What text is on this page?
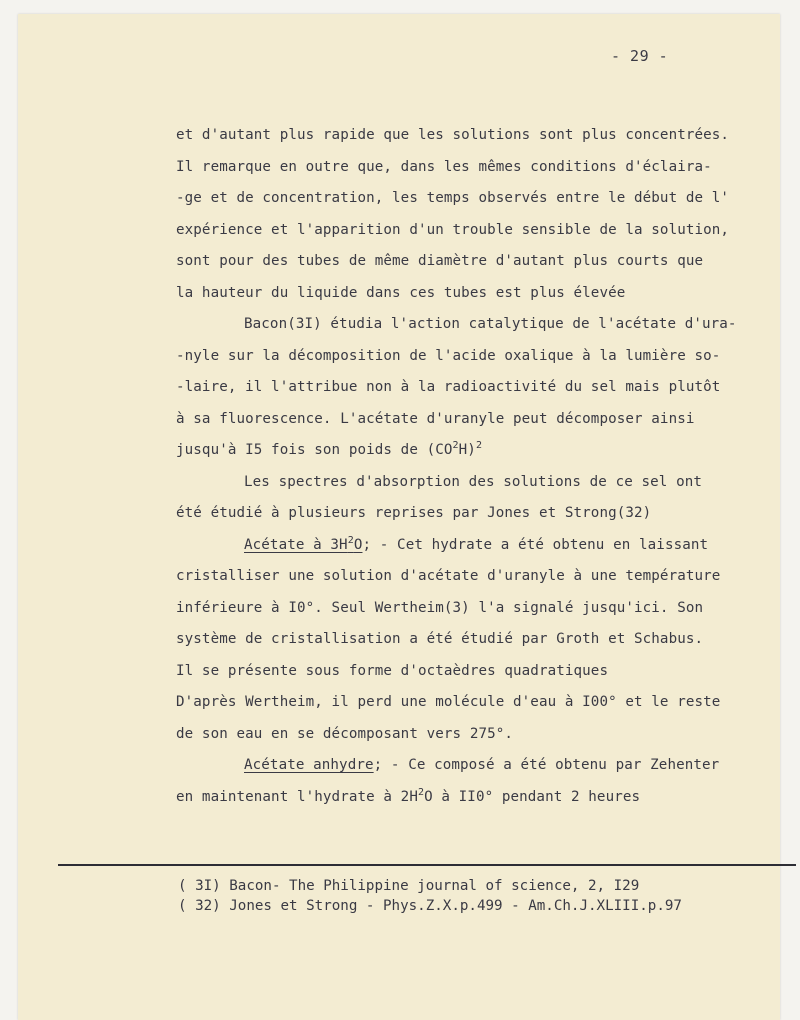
- 29 -
et d'autant plus rapide que les solutions sont plus concentrées.
Il remarque en outre que, dans les mêmes conditions d'éclaira-
-ge et de concentration, les temps observés entre le début de l'
expérience et l'apparition d'un trouble sensible de la solution,
sont pour des tubes de même diamètre d'autant plus courts que
la hauteur du liquide dans ces tubes est plus élevée
Bacon(3I) étudia l'action catalytique de l'acétate d'ura-
-nyle sur la décomposition de l'acide oxalique à la lumière so-
-laire, il l'attribue non à la radioactivité du sel mais plutôt
à sa fluorescence. L'acétate d'uranyle peut décomposer ainsi
jusqu'à I5 fois son poids de $(CO^2H)^2$
Les spectres d'absorption des solutions de ce sel ont
été étudié à plusieurs reprises par Jones et Strong(32)
Acétate à $3H^2O$; - Cet hydrate a été obtenu en laissant
cristalliser une solution d'acétate d'uranyle à une température
inférieure à I0°. Seul Wertheim(3) l'a signalé jusqu'ici. Son
système de cristallisation a été étudié par Groth et Schabus.
Il se présente sous forme d'octaèdres quadratiques
D'après Wertheim, il perd une molécule d'eau à I00° et le reste
de son eau en se décomposant vers 275°.
Acétate anhydre; - Ce composé a été obtenu par Zehenter
en maintenant l'hydrate à $2H^2O$ à II0° pendant 2 heures
( 3I) Bacon- The Philippine journal of science, 2, I29
( 32) Jones et Strong - Phys.Z.X.p.499 - Am.Ch.J.XLIII.p.97
